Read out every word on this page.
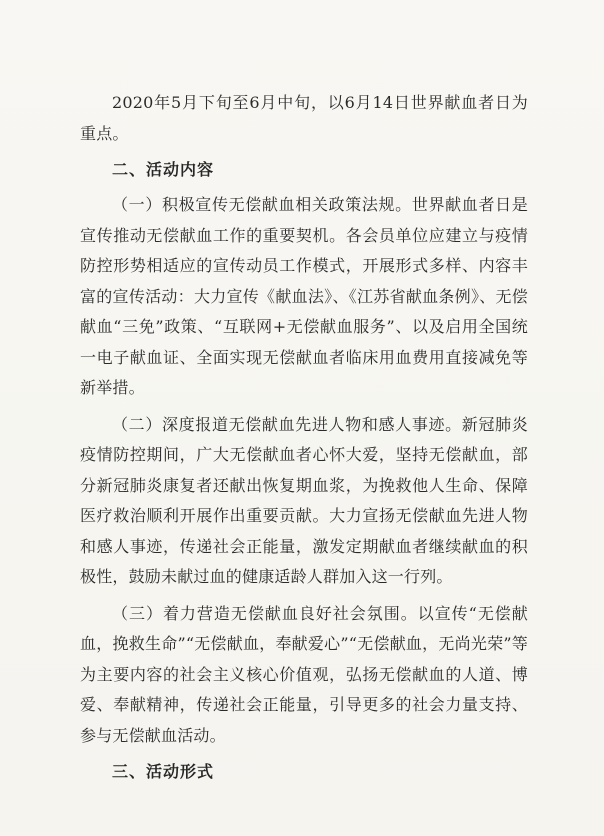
2020年5月下旬至6月中旬，以6月14日世界献血者日为重点。

二、活动内容

（一）积极宣传无偿献血相关政策法规。世界献血者日是宣传推动无偿献血工作的重要契机。各会员单位应建立与疫情防控形势相适应的宣传动员工作模式，开展形式多样、内容丰富的宣传活动：大力宣传《献血法》、《江苏省献血条例》、无偿献血“三免”政策、“互联网+无偿献血服务”、以及启用全国统一电子献血证、全面实现无偿献血者临床用血费用直接减免等新举措。

（二）深度报道无偿献血先进人物和感人事迹。新冠肺炎疫情防控期间，广大无偿献血者心怀大爱，坚持无偿献血，部分新冠肺炎康复者还献出恢复期血浆，为挽救他人生命、保障医疗救治顺利开展作出重要贡献。大力宣扬无偿献血先进人物和感人事迹，传递社会正能量，激发定期献血者继续献血的积极性，鼓励未献过血的健康适龄人群加入这一行列。

（三）着力营造无偿献血良好社会氛围。以宣传“无偿献血，挽救生命”“无偿献血，奉献爱心”“无偿献血，无尚光荣”等为主要内容的社会主义核心价值观，弘扬无偿献血的人道、博爱、奉献精神，传递社会正能量，引导更多的社会力量支持、参与无偿献血活动。

三、活动形式
